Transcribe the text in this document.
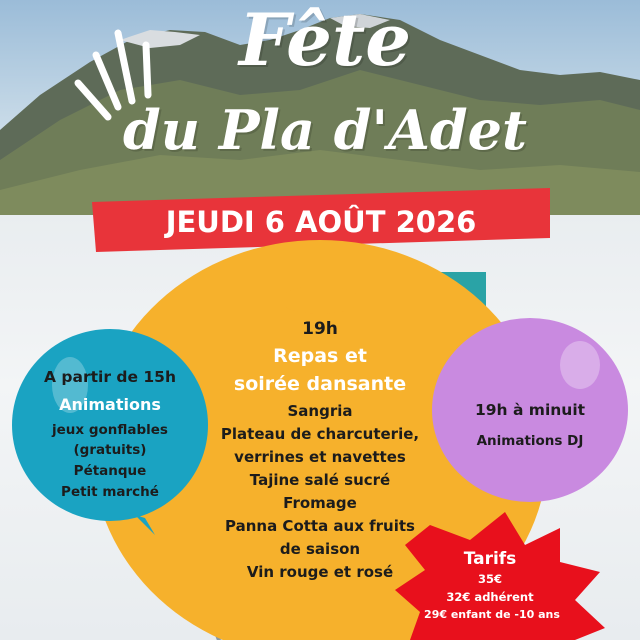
Fête
du Pla d'Adet
JEUDI 6 AOÛT 2026

19h

Repas et

soirée dansante

Sangria

Plateau de charcuterie,

verrines et navettes

Tajine salé sucré

Fromage

Panna Cotta aux fruits

de saison

Vin rouge et rosé

A partir de 15h

Animations

jeux gonflables

(gratuits)

Pétanque

Petit marché

19h à minuit

Animations DJ

Tarifs

35€

32€ adhérent

29€ enfant de -10 ans
